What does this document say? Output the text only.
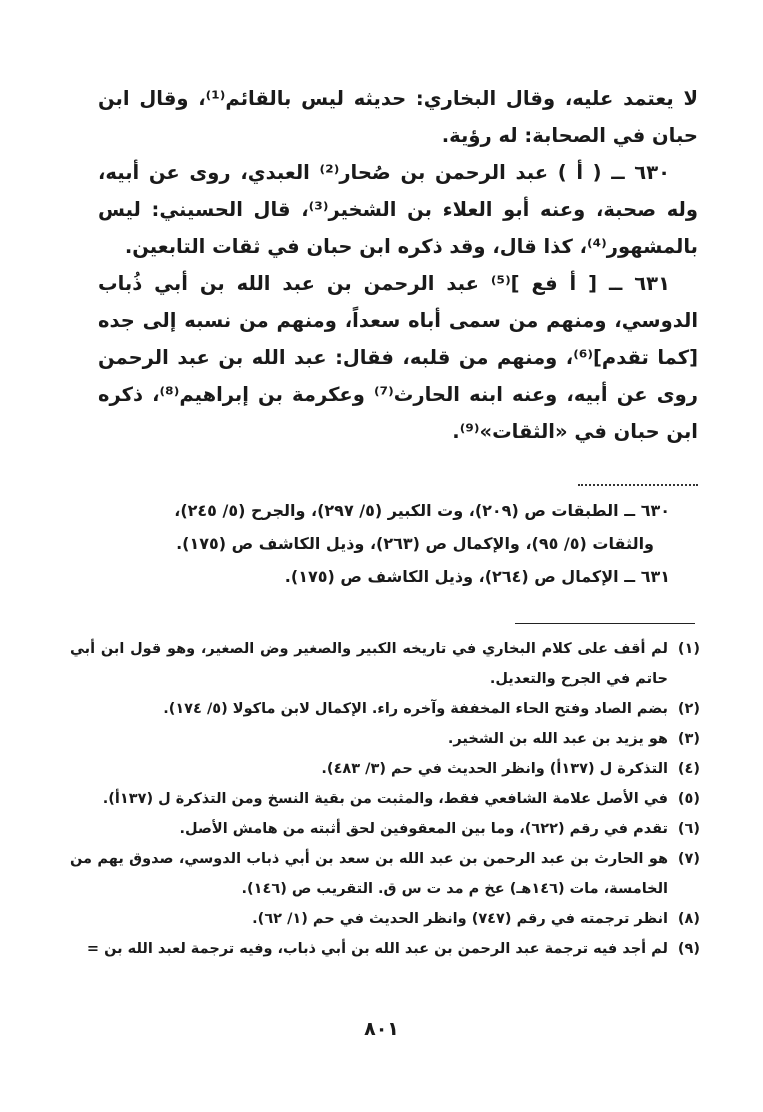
لا يعتمد عليه، وقال البخاري: حديثه ليس بالقائم⁽¹⁾، وقال ابن حبان في الصحابة: له رؤية.

٦٣٠ ــ ( أ ) عبد الرحمن بن صُحار⁽²⁾ العبدي، روى عن أبيه، وله صحبة، وعنه أبو العلاء بن الشخير⁽³⁾، قال الحسيني: ليس بالمشهور⁽⁴⁾، كذا قال، وقد ذكره ابن حبان في ثقات التابعين.

٦٣١ ــ [ أ فع ]⁽⁵⁾ عبد الرحمن بن عبد الله بن أبي ذُباب الدوسي، ومنهم من سمى أباه سعداً، ومنهم من نسبه إلى جده [كما تقدم]⁽⁶⁾، ومنهم من قلبه، فقال: عبد الله بن عبد الرحمن روى عن أبيه، وعنه ابنه الحارث⁽⁷⁾ وعكرمة بن إبراهيم⁽⁸⁾، ذكره ابن حبان في «الثقات»⁽⁹⁾.

٦٣٠ ــ الطبقات ص (٢٠٩)، وت الكبير (٥/ ٢٩٧)، والجرح (٥/ ٢٤٥)،

والثقات (٥/ ٩٥)، والإكمال ص (٢٦٣)، وذيل الكاشف ص (١٧٥).

٦٣١ ــ الإكمال ص (٢٦٤)، وذيل الكاشف ص (١٧٥).

(١)
لم أقف على كلام البخاري في تاريخه الكبير والصغير وض الصغير، وهو قول ابن أبي حاتم في الجرح والتعديل.
(٢)
بضم الصاد وفتح الحاء المخففة وآخره راء. الإكمال لابن ماكولا (٥/ ١٧٤).
(٣)
هو يزيد بن عبد الله بن الشخير.
(٤)
التذكرة ل (١٣٧أ) وانظر الحديث في حم (٣/ ٤٨٣).
(٥)
في الأصل علامة الشافعي فقط، والمثبت من بقية النسخ ومن التذكرة ل (١٣٧أ).
(٦)
تقدم في رقم (٦٢٢)، وما بين المعقوفين لحق أثبته من هامش الأصل.
(٧)
هو الحارث بن عبد الرحمن بن عبد الله بن سعد بن أبي ذباب الدوسي، صدوق يهم من الخامسة، مات (١٤٦هـ) عخ م مد ت س ق. التقريب ص (١٤٦).
(٨)
انظر ترجمته في رقم (٧٤٧) وانظر الحديث في حم (١/ ٦٢).
(٩)
لم أجد فيه ترجمة عبد الرحمن بن عبد الله بن أبي ذباب، وفيه ترجمة لعبد الله بن =
٨٠١
